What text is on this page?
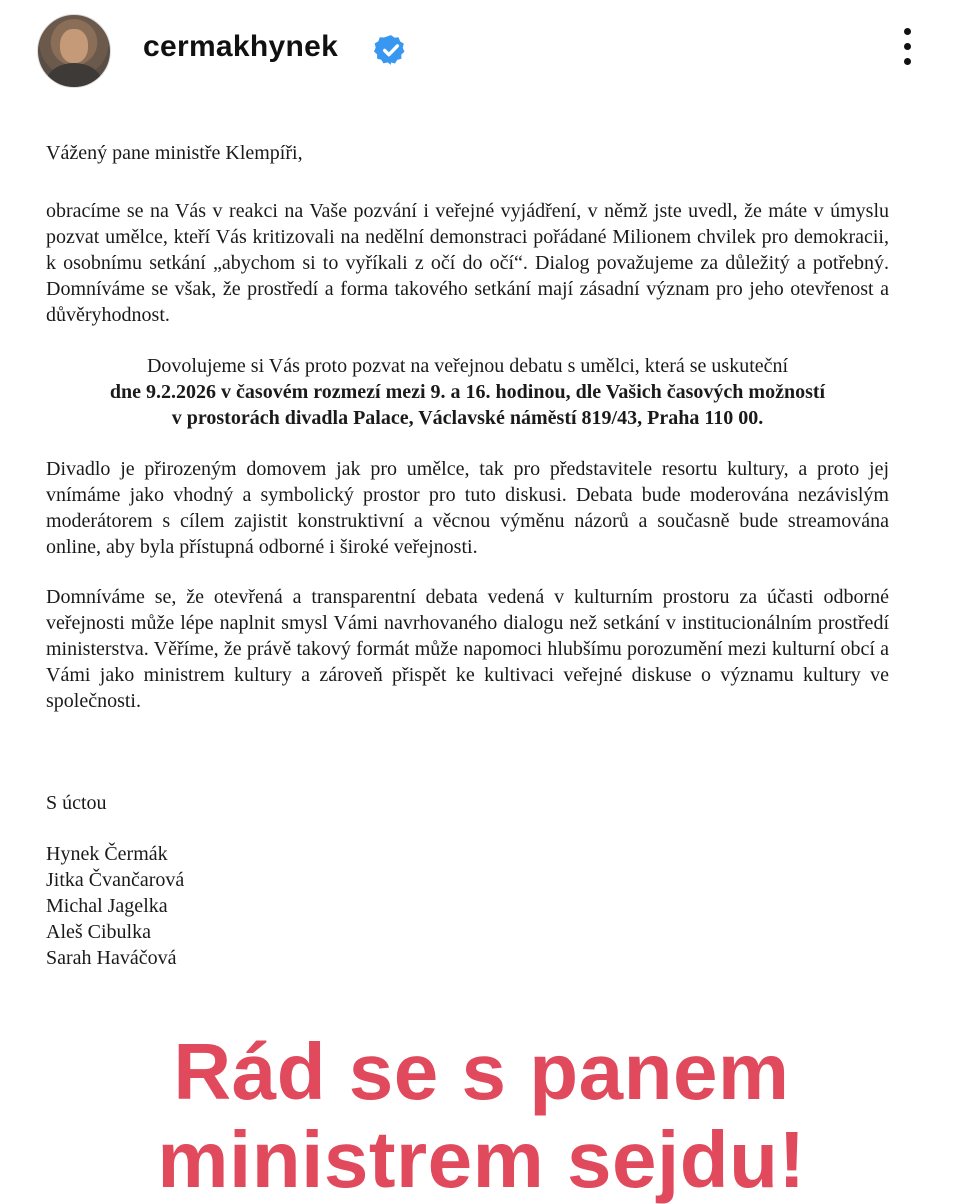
cermakhynek

Vážený pane ministře Klempíři,

obracíme se na Vás v reakci na Vaše pozvání i veřejné vyjádření, v němž jste uvedl, že máte v úmyslu pozvat umělce, kteří Vás kritizovali na nedělní demonstraci pořádané Milionem chvilek pro demokracii, k osobnímu setkání „abychom si to vyříkali z očí do očí“. Dialog považujeme za důležitý a potřebný. Domníváme se však, že prostředí a forma takového setkání mají zásadní význam pro jeho otevřenost a důvěryhodnost.

Dovolujeme si Vás proto pozvat na veřejnou debatu s umělci, která se uskuteční
dne 9.2.2026 v časovém rozmezí mezi 9. a 16. hodinou, dle Vašich časových možností
v prostorách divadla Palace, Václavské náměstí 819/43, Praha 110 00.

Divadlo je přirozeným domovem jak pro umělce, tak pro představitele resortu kultury, a proto jej vnímáme jako vhodný a symbolický prostor pro tuto diskusi. Debata bude moderována nezávislým moderátorem s cílem zajistit konstruktivní a věcnou výměnu názorů a současně bude streamována online, aby byla přístupná odborné i široké veřejnosti.

Domníváme se, že otevřená a transparentní debata vedená v kulturním prostoru za účasti odborné veřejnosti může lépe naplnit smysl Vámi navrhovaného dialogu než setkání v institucionálním prostředí ministerstva. Věříme, že právě takový formát může napomoci hlubšímu porozumění mezi kulturní obcí a Vámi jako ministrem kultury a zároveň přispět ke kultivaci veřejné diskuse o významu kultury ve společnosti.

S úctou

Hynek Čermák
Jitka Čvančarová
Michal Jagelka
Aleš Cibulka
Sarah Haváčová
Rád se s panem
ministrem sejdu!
